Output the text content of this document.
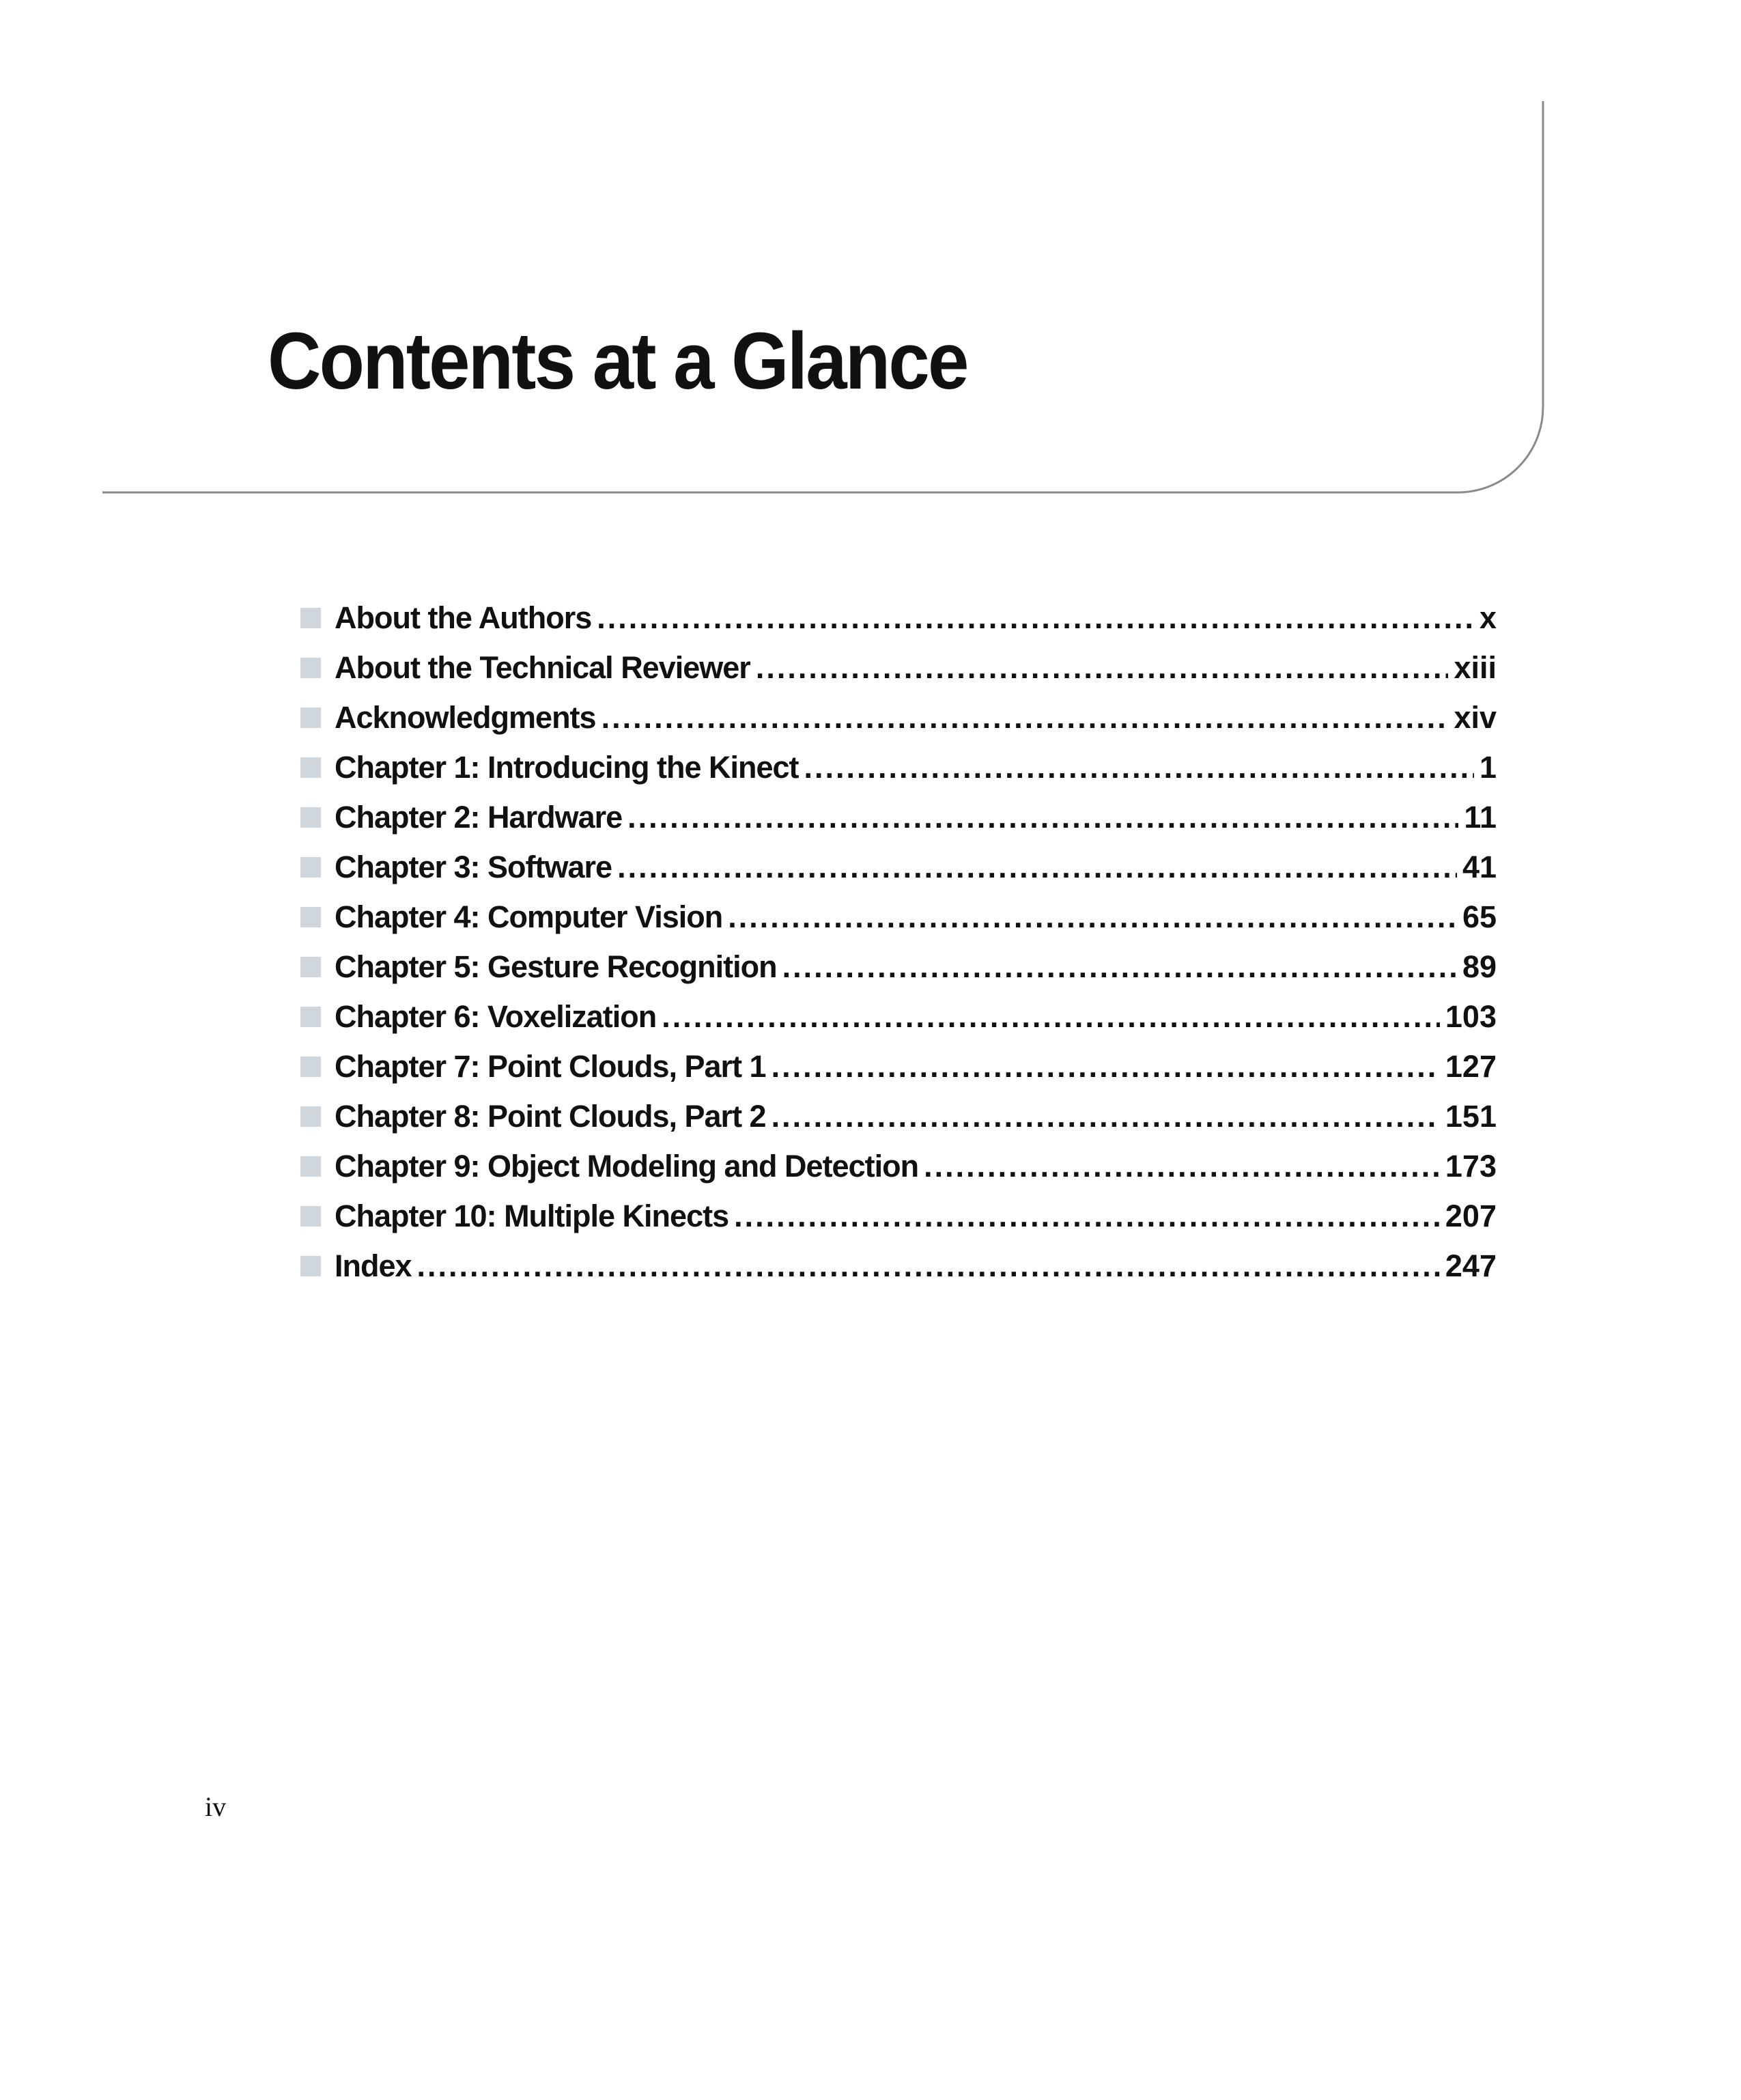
Contents at a Glance
About the Authors .....	x
About the Technical Reviewer .....	xiii
Acknowledgments .....	xiv
Chapter 1: Introducing the Kinect .....	1
Chapter 2: Hardware .....	11
Chapter 3: Software .....	41
Chapter 4: Computer Vision .....	65
Chapter 5: Gesture Recognition .....	89
Chapter 6: Voxelization .....	103
Chapter 7: Point Clouds, Part 1 .....	127
Chapter 8: Point Clouds, Part 2 .....	151
Chapter 9: Object Modeling and Detection .....	173
Chapter 10: Multiple Kinects .....	207
Index .....	247
iv
